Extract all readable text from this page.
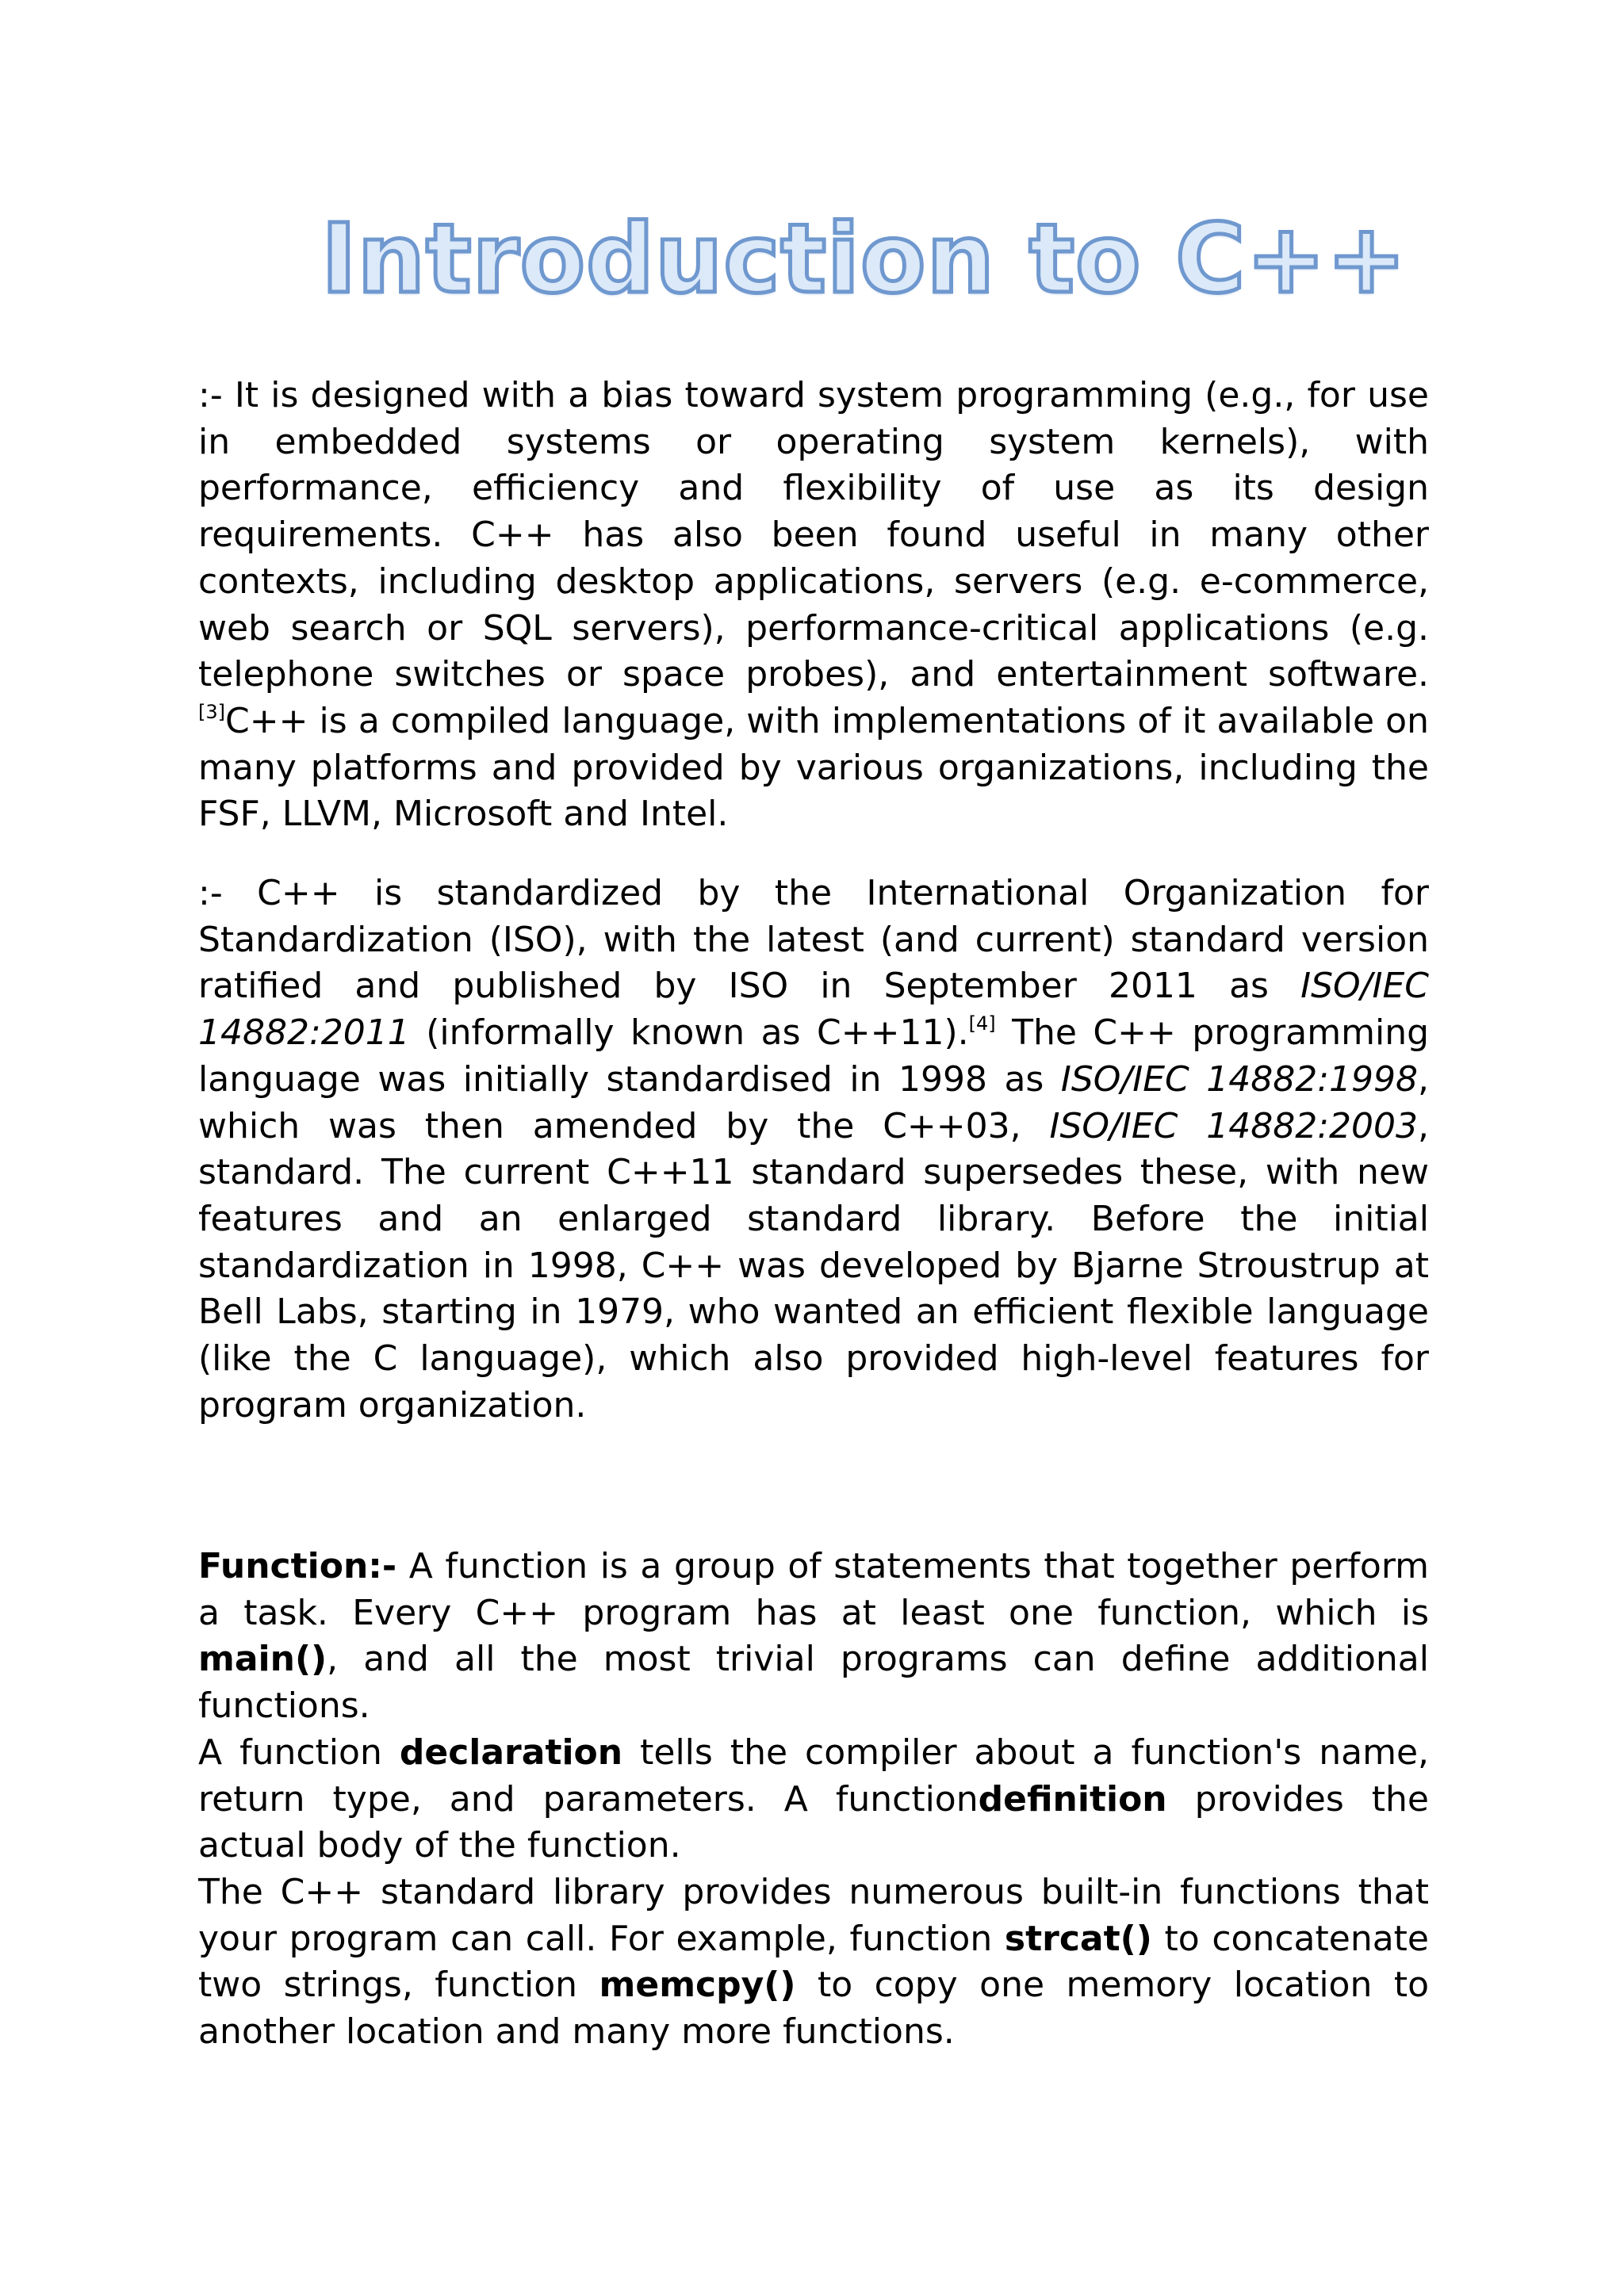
Introduction to C++

:- It is designed with a bias toward system programming (e.g., for use in embedded systems or operating system kernels), with performance, efficiency and flexibility of use as its design requirements. C++ has also been found useful in many other contexts, including desktop applications, servers (e.g. e-commerce, web search or SQL servers), performance-critical applications (e.g. telephone switches or space probes), and entertainment software.[3]C++ is a compiled language, with implementations of it available on many platforms and provided by various organizations, including the FSF, LLVM, Microsoft and Intel.

:- C++ is standardized by the International Organization for Standardization (ISO), with the latest (and current) standard version ratified and published by ISO in September 2011 as ISO/IEC 14882:2011 (informally known as C++11).[4] The C++ programming language was initially standardised in 1998 as ISO/IEC 14882:1998, which was then amended by the C++03, ISO/IEC 14882:2003, standard. The current C++11 standard supersedes these, with new features and an enlarged standard library. Before the initial standardization in 1998, C++ was developed by Bjarne Stroustrup at Bell Labs, starting in 1979, who wanted an efficient flexible language (like the C language), which also provided high-level features for program organization.

Function:- A function is a group of statements that together perform a task. Every C++ program has at least one function, which is main(), and all the most trivial programs can define additional functions.

A function declaration tells the compiler about a function's name, return type, and parameters. A functiondefinition provides the actual body of the function.

The C++ standard library provides numerous built-in functions that your program can call. For example, function strcat() to concatenate two strings, function memcpy() to copy one memory location to another location and many more functions.
